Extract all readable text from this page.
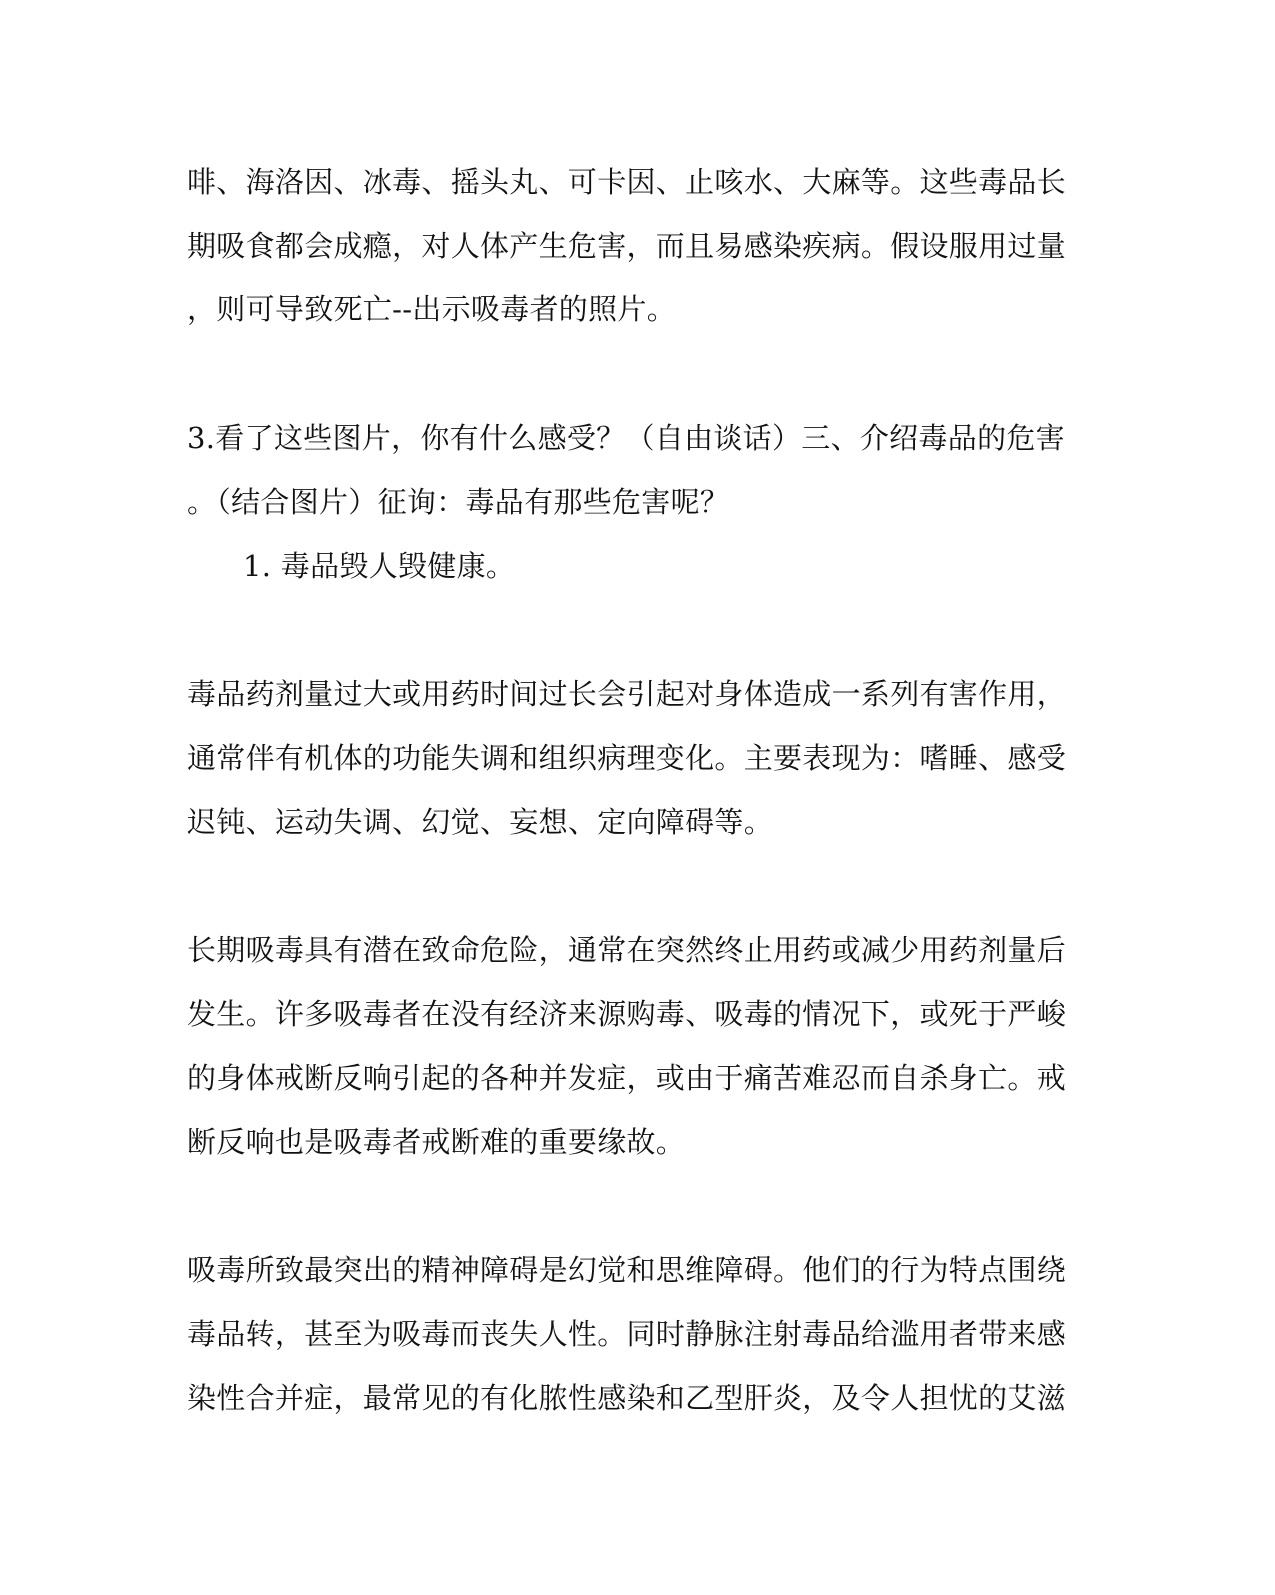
啡、海洛因、冰毒、摇头丸、可卡因、止咳水、大麻等。这些毒品长
期吸食都会成瘾，对人体产生危害，而且易感染疾病。假设服用过量
，则可导致死亡--出示吸毒者的照片。
3.看了这些图片，你有什么感受？（自由谈话）三、介绍毒品的危害
。（结合图片）征询：毒品有那些危害呢？
1. 毒品毁人毁健康。
毒品药剂量过大或用药时间过长会引起对身体造成一系列有害作用，
通常伴有机体的功能失调和组织病理变化。主要表现为：嗜睡、感受
迟钝、运动失调、幻觉、妄想、定向障碍等。
长期吸毒具有潜在致命危险，通常在突然终止用药或减少用药剂量后
发生。许多吸毒者在没有经济来源购毒、吸毒的情况下，或死于严峻
的身体戒断反响引起的各种并发症，或由于痛苦难忍而自杀身亡。戒
断反响也是吸毒者戒断难的重要缘故。
吸毒所致最突出的精神障碍是幻觉和思维障碍。他们的行为特点围绕
毒品转，甚至为吸毒而丧失人性。同时静脉注射毒品给滥用者带来感
染性合并症，最常见的有化脓性感染和乙型肝炎，及令人担忧的艾滋
